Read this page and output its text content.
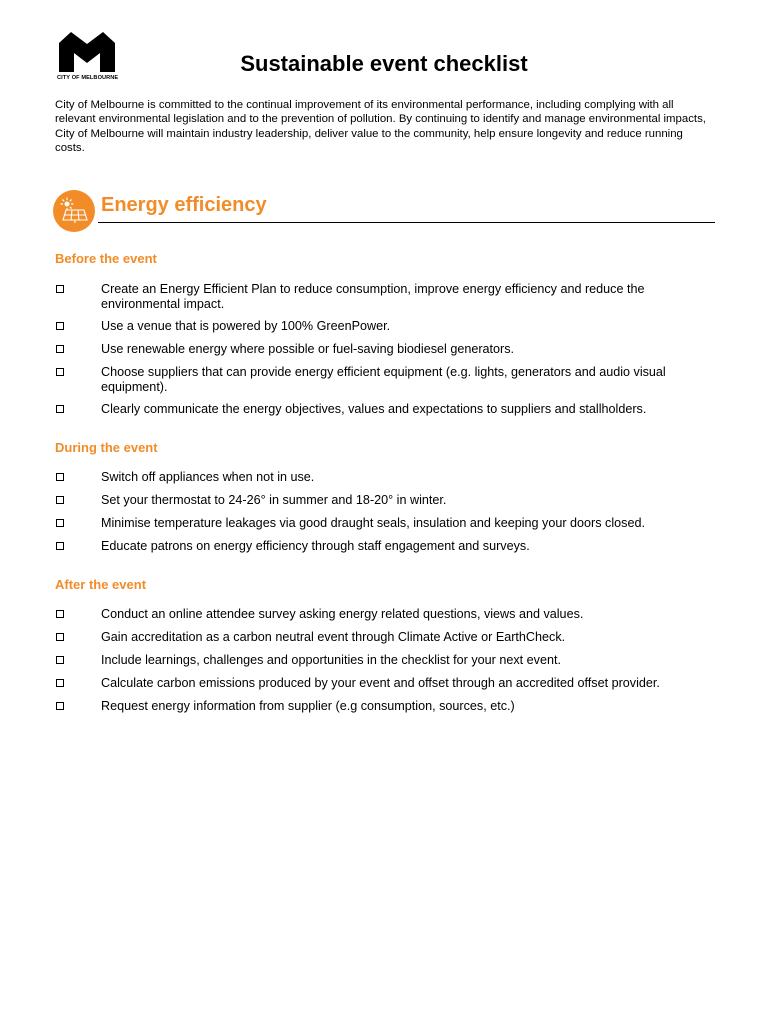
CITY OF MELBOURNE
Sustainable event checklist

City of Melbourne is committed to the continual improvement of its environmental performance, including complying with all relevant environmental legislation and to the prevention of pollution. By continuing to identify and manage environmental impacts, City of Melbourne will maintain industry leadership, deliver value to the community, help ensure longevity and reduce running costs.

Energy efficiency
Before the event
Create an Energy Efficient Plan to reduce consumption, improve energy efficiency and reduce the environmental impact.
Use a venue that is powered by 100% GreenPower.
Use renewable energy where possible or fuel-saving biodiesel generators.
Choose suppliers that can provide energy efficient equipment (e.g. lights, generators and audio visual equipment).
Clearly communicate the energy objectives, values and expectations to suppliers and stallholders.
During the event
Switch off appliances when not in use.
Set your thermostat to 24-26° in summer and 18-20° in winter.
Minimise temperature leakages via good draught seals, insulation and keeping your doors closed.
Educate patrons on energy efficiency through staff engagement and surveys.
After the event
Conduct an online attendee survey asking energy related questions, views and values.
Gain accreditation as a carbon neutral event through Climate Active or EarthCheck.
Include learnings, challenges and opportunities in the checklist for your next event.
Calculate carbon emissions produced by your event and offset through an accredited offset provider.
Request energy information from supplier (e.g consumption, sources, etc.)
